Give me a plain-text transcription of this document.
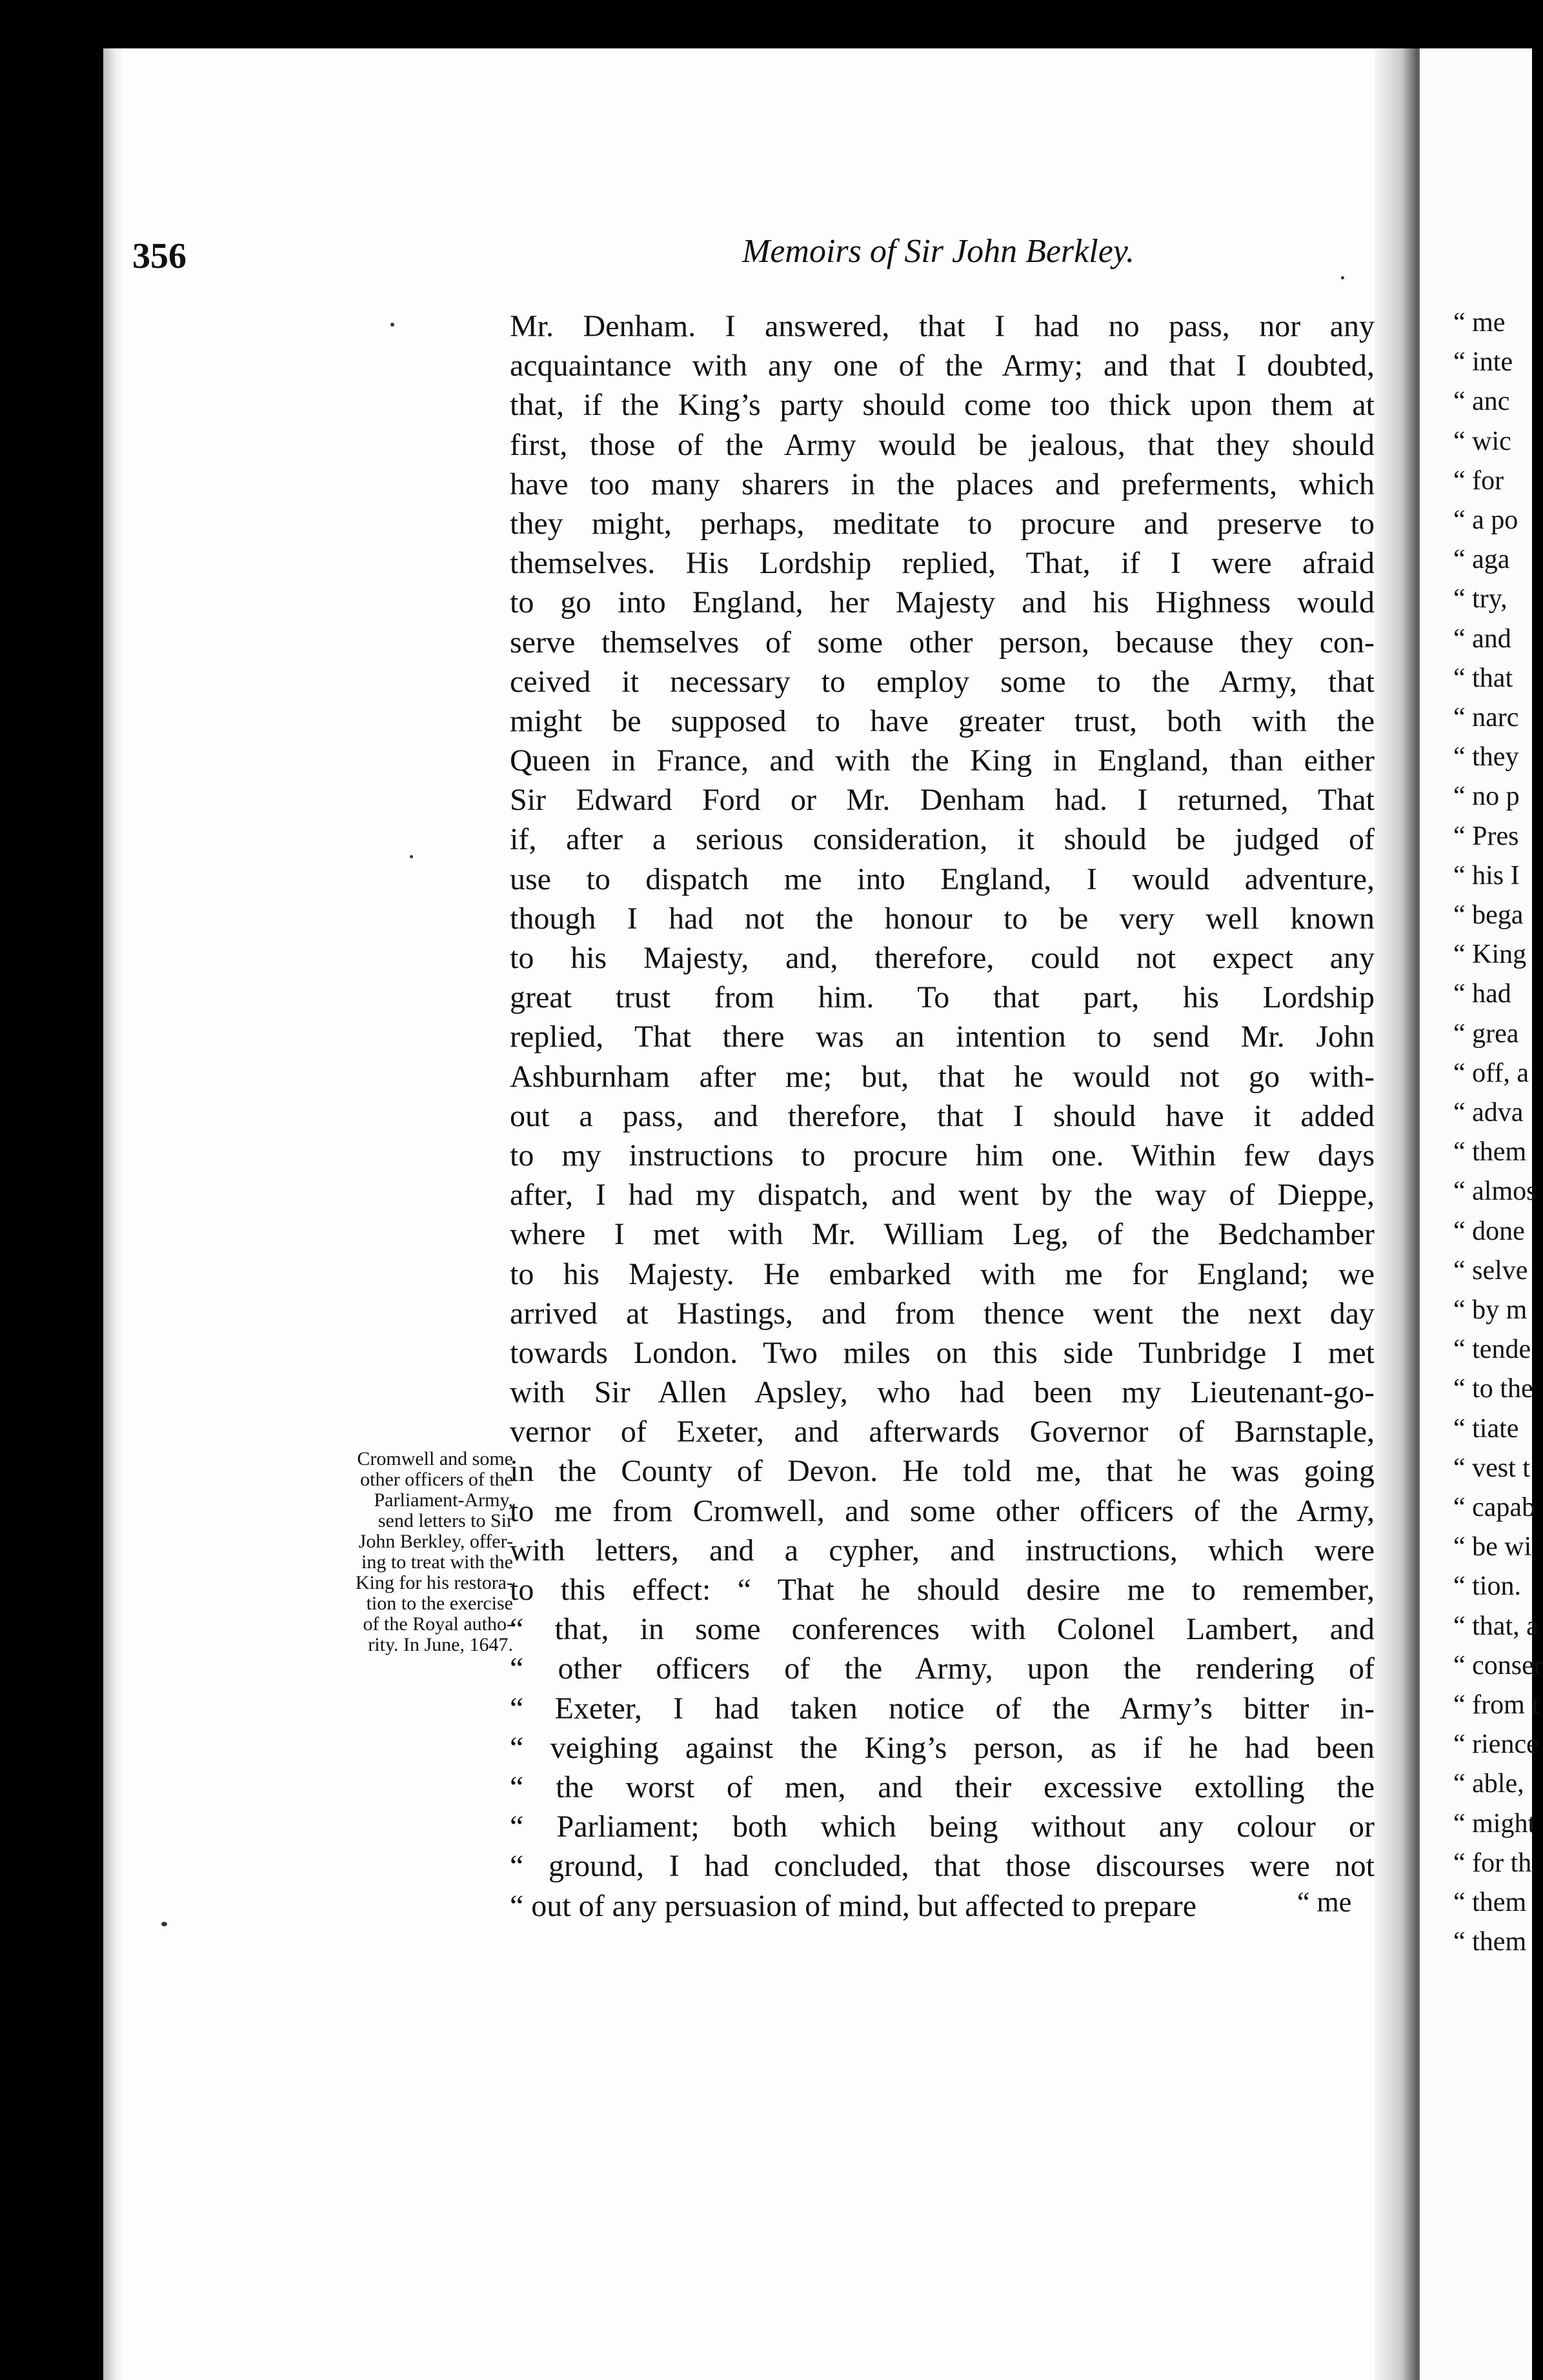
“ me
“ inte
“ anc
“ wic
“ for
“ a po
“ aga
“ try,
“ and
“ that
“ narc
“ they
“ no p
“ Pres
“ his I
“ bega
“ King
“ had
“ grea
“ off, a
“ adva
“ them
“ almos
“ done
“ selve
“ by m
“ tende
“ to the
“ tiate
“ vest t
“ capab
“ be wi
“ tion.
“ that, a
“ conser
“ from t
“ rience
“ able,
“ might
“ for th
“ them
“ them
356	Memoirs of Sir John Berkley.
Mr. Denham. I answered, that I had no pass, nor any
acquaintance with any one of the Army; and that I doubted,
that, if the King’s party should come too thick upon them at
first, those of the Army would be jealous, that they should
have too many sharers in the places and preferments, which
they might, perhaps, meditate to procure and preserve to
themselves. His Lordship replied, That, if I were afraid
to go into England, her Majesty and his Highness would
serve themselves of some other person, because they con-
ceived it necessary to employ some to the Army, that
might be supposed to have greater trust, both with the
Queen in France, and with the King in England, than either
Sir Edward Ford or Mr. Denham had. I returned, That
if, after a serious consideration, it should be judged of
use to dispatch me into England, I would adventure,
though I had not the honour to be very well known
to his Majesty, and, therefore, could not expect any
great trust from him. To that part, his Lordship
replied, That there was an intention to send Mr. John
Ashburnham after me; but, that he would not go with-
out a pass, and therefore, that I should have it added
to my instructions to procure him one. Within few days
after, I had my dispatch, and went by the way of Dieppe,
where I met with Mr. William Leg, of the Bedchamber
to his Majesty. He embarked with me for England; we
arrived at Hastings, and from thence went the next day
towards London. Two miles on this side Tunbridge I met
with Sir Allen Apsley, who had been my Lieutenant-go-
vernor of Exeter, and afterwards Governor of Barnstaple,
in the County of Devon. He told me, that he was going
to me from Cromwell, and some other officers of the Army,
with letters, and a cypher, and instructions, which were
to this effect: “ That he should desire me to remember,
“ that, in some conferences with Colonel Lambert, and
“ other officers of the Army, upon the rendering of
“ Exeter, I had taken notice of the Army’s bitter in-
“ veighing against the King’s person, as if he had been
“ the worst of men, and their excessive extolling the
“ Parliament; both which being without any colour or
“ ground, I had concluded, that those discourses were not
“ out of any persuasion of mind, but affected to prepare	“ me
Cromwell and some
other officers of the
Parliament-Army,
send letters to Sir
John Berkley, offer-
ing to treat with the
King for his restora-
tion to the exercise
of the Royal autho-
rity. In June, 1647.
